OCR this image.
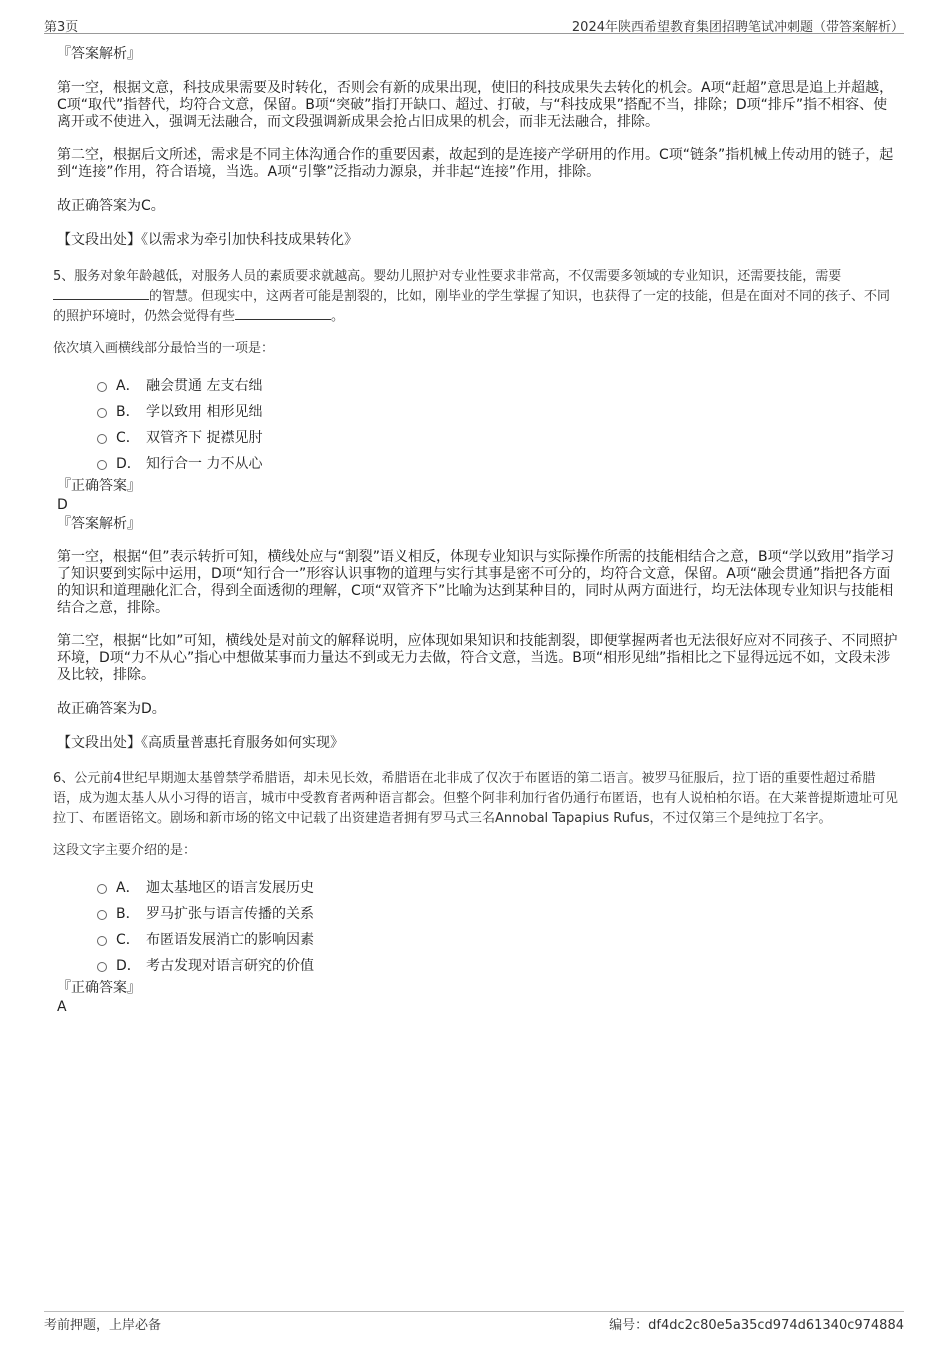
第3页	2024年陕西希望教育集团招聘笔试冲刺题（带答案解析）
『答案解析』

第一空，根据文意，科技成果需要及时转化，否则会有新的成果出现，使旧的科技成果失去转化的机会。A项“赶超”意思是追上并超越，C项“取代”指替代，均符合文意，保留。B项“突破”指打开缺口、超过、打破，与“科技成果”搭配不当，排除；D项“排斥”指不相容、使离开或不使进入，强调无法融合，而文段强调新成果会抢占旧成果的机会，而非无法融合，排除。

第二空，根据后文所述，需求是不同主体沟通合作的重要因素，故起到的是连接产学研用的作用。C项“链条”指机械上传动用的链子，起到“连接”作用，符合语境，当选。A项“引擎”泛指动力源泉，并非起“连接”作用，排除。

故正确答案为C。

【文段出处】《以需求为牵引加快科技成果转化》

5、服务对象年龄越低，对服务人员的素质要求就越高。婴幼儿照护对专业性要求非常高，不仅需要多领域的专业知识，还需要技能，需要的智慧。但现实中，这两者可能是割裂的，比如，刚毕业的学生掌握了知识，也获得了一定的技能，但是在面对不同的孩子、不同的照护环境时，仍然会觉得有些	。

依次填入画横线部分最恰当的一项是：
A． 融会贯通 左支右绌
B． 学以致用 相形见绌
C． 双管齐下 捉襟见肘
D． 知行合一 力不从心
『正确答案』
D
『答案解析』

第一空，根据“但”表示转折可知，横线处应与“割裂”语义相反，体现专业知识与实际操作所需的技能相结合之意，B项“学以致用”指学习了知识要到实际中运用，D项“知行合一”形容认识事物的道理与实行其事是密不可分的，均符合文意，保留。A项“融会贯通”指把各方面的知识和道理融化汇合，得到全面透彻的理解，C项“双管齐下”比喻为达到某种目的，同时从两方面进行，均无法体现专业知识与技能相结合之意，排除。

第二空，根据“比如”可知，横线处是对前文的解释说明，应体现如果知识和技能割裂，即便掌握两者也无法很好应对不同孩子、不同照护环境，D项“力不从心”指心中想做某事而力量达不到或无力去做，符合文意，当选。B项“相形见绌”指相比之下显得远远不如，文段未涉及比较，排除。

故正确答案为D。

【文段出处】《高质量普惠托育服务如何实现》

6、公元前4世纪早期迦太基曾禁学希腊语，却未见长效，希腊语在北非成了仅次于布匿语的第二语言。被罗马征服后，拉丁语的重要性超过希腊语，成为迦太基人从小习得的语言，城市中受教育者两种语言都会。但整个阿非利加行省仍通行布匿语，也有人说柏柏尔语。在大莱普提斯遗址可见拉丁、布匿语铭文。剧场和新市场的铭文中记载了出资建造者拥有罗马式三名Annobal Tapapius Rufus，不过仅第三个是纯拉丁名字。

这段文字主要介绍的是：
A． 迦太基地区的语言发展历史
B． 罗马扩张与语言传播的关系
C． 布匿语发展消亡的影响因素
D． 考古发现对语言研究的价值
『正确答案』
A
考前押题，上岸必备	编号：df4dc2c80e5a35cd974d61340c974884
